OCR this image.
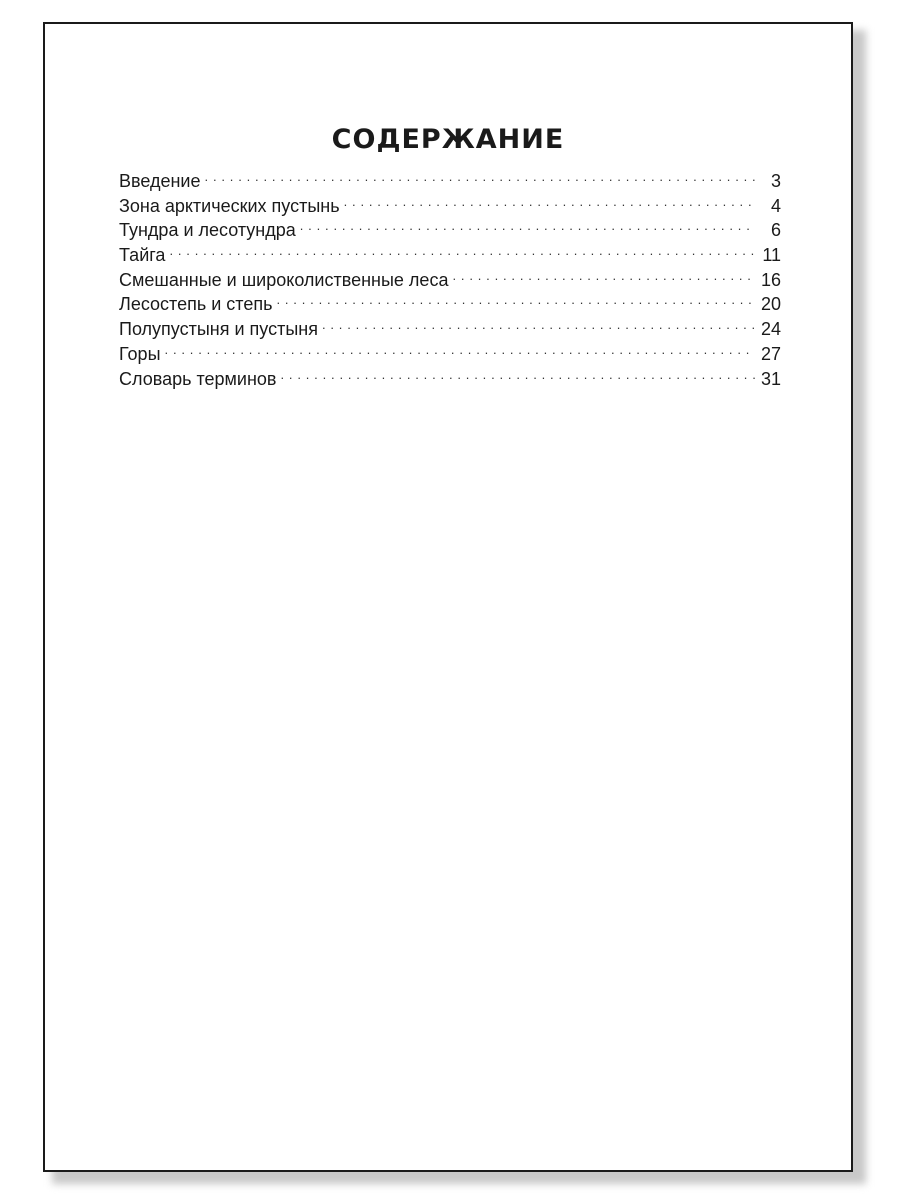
СОДЕРЖАНИЕ
Введение . . .	3
Зона арктических пустынь . . .	4
Тундра и лесотундра . . .	6
Тайга . . .	11
Смешанные и широколиственные леса . . .	16
Лесостепь и степь . . .	20
Полупустыня и пустыня . . .	24
Горы . . .	27
Словарь терминов . . .	31
